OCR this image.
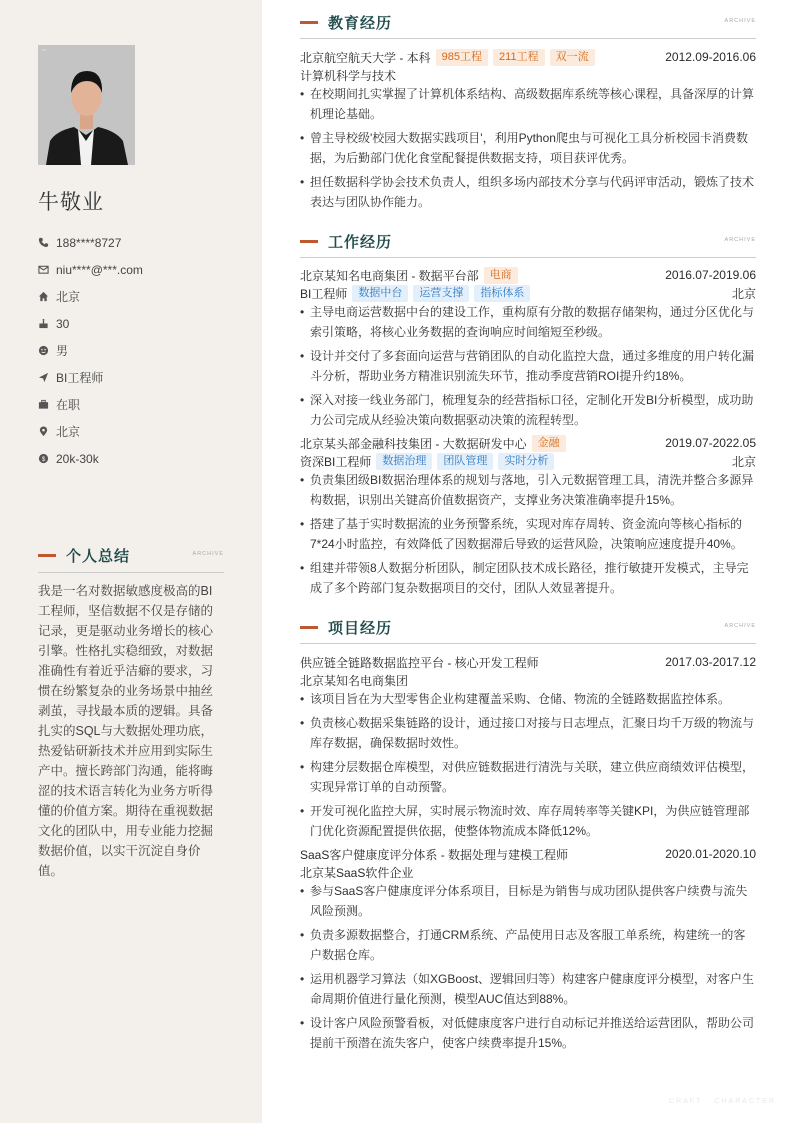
cv
牛敬业
188****8727
niu****@***.com
北京
30
男
BI工程师
在职
北京
$ 20k-30k
个人总结	ARCHIVE
我是一名对数据敏感度极高的BI工程师，坚信数据不仅是存储的记录，更是驱动业务增长的核心引擎。性格扎实稳细致，对数据准确性有着近乎洁癖的要求，习惯在纷繁复杂的业务场景中抽丝剥茧，寻找最本质的逻辑。具备扎实的SQL与大数据处理功底，热爱钻研新技术并应用到实际生产中。擅长跨部门沟通，能将晦涩的技术语言转化为业务方听得懂的价值方案。期待在重视数据文化的团队中，用专业能力挖掘数据价值，以实干沉淀自身价值。
教育经历	ARCHIVE
北京航空航天大学 - 本科	985工程	211工程	双一流	2012.09-2016.06
计算机科学与技术
• 在校期间扎实掌握了计算机体系结构、高级数据库系统等核心课程，具备深厚的计算机理论基础。
• 曾主导校级'校园大数据实践项目'，利用Python爬虫与可视化工具分析校园卡消费数据，为后勤部门优化食堂配餐提供数据支持，项目获评优秀。
• 担任数据科学协会技术负责人，组织多场内部技术分享与代码评审活动，锻炼了技术表达与团队协作能力。
工作经历	ARCHIVE
北京某知名电商集团 - 数据平台部	电商	2016.07-2019.06
BI工程师	数据中台	运营支撑	指标体系	北京
• 主导电商运营数据中台的建设工作，重构原有分散的数据存储架构，通过分区优化与索引策略，将核心业务数据的查询响应时间缩短至秒级。
• 设计并交付了多套面向运营与营销团队的自动化监控大盘，通过多维度的用户转化漏斗分析，帮助业务方精准识别流失环节，推动季度营销ROI提升约18%。
• 深入对接一线业务部门，梳理复杂的经营指标口径，定制化开发BI分析模型，成功助力公司完成从经验决策向数据驱动决策的流程转型。
北京某头部金融科技集团 - 大数据研发中心	金融	2019.07-2022.05
资深BI工程师	数据治理	团队管理	实时分析	北京
• 负责集团级BI数据治理体系的规划与落地，引入元数据管理工具，清洗并整合多源异构数据，识别出关键高价值数据资产，支撑业务决策准确率提升15%。
• 搭建了基于实时数据流的业务预警系统，实现对库存周转、资金流向等核心指标的7*24小时监控，有效降低了因数据滞后导致的运营风险，决策响应速度提升40%。
• 组建并带领8人数据分析团队，制定团队技术成长路径，推行敏捷开发模式，主导完成了多个跨部门复杂数据项目的交付，团队人效显著提升。
项目经历	ARCHIVE
供应链全链路数据监控平台 - 核心开发工程师	2017.03-2017.12
北京某知名电商集团
• 该项目旨在为大型零售企业构建覆盖采购、仓储、物流的全链路数据监控体系。
• 负责核心数据采集链路的设计，通过接口对接与日志埋点，汇聚日均千万级的物流与库存数据，确保数据时效性。
• 构建分层数据仓库模型，对供应链数据进行清洗与关联，建立供应商绩效评估模型，实现异常订单的自动预警。
• 开发可视化监控大屏，实时展示物流时效、库存周转率等关键KPI，为供应链管理部门优化资源配置提供依据，使整体物流成本降低12%。
SaaS客户健康度评分体系 - 数据处理与建模工程师	2020.01-2020.10
北京某SaaS软件企业
• 参与SaaS客户健康度评分体系项目，目标是为销售与成功团队提供客户续费与流失风险预测。
• 负责多源数据整合，打通CRM系统、产品使用日志及客服工单系统，构建统一的客户数据仓库。
• 运用机器学习算法（如XGBoost、逻辑回归等）构建客户健康度评分模型，对客户生命周期价值进行量化预测，模型AUC值达到88%。
• 设计客户风险预警看板，对低健康度客户进行自动标记并推送给运营团队，帮助公司提前干预潜在流失客户，使客户续费率提升15%。
CRAFT · CHARACTER
